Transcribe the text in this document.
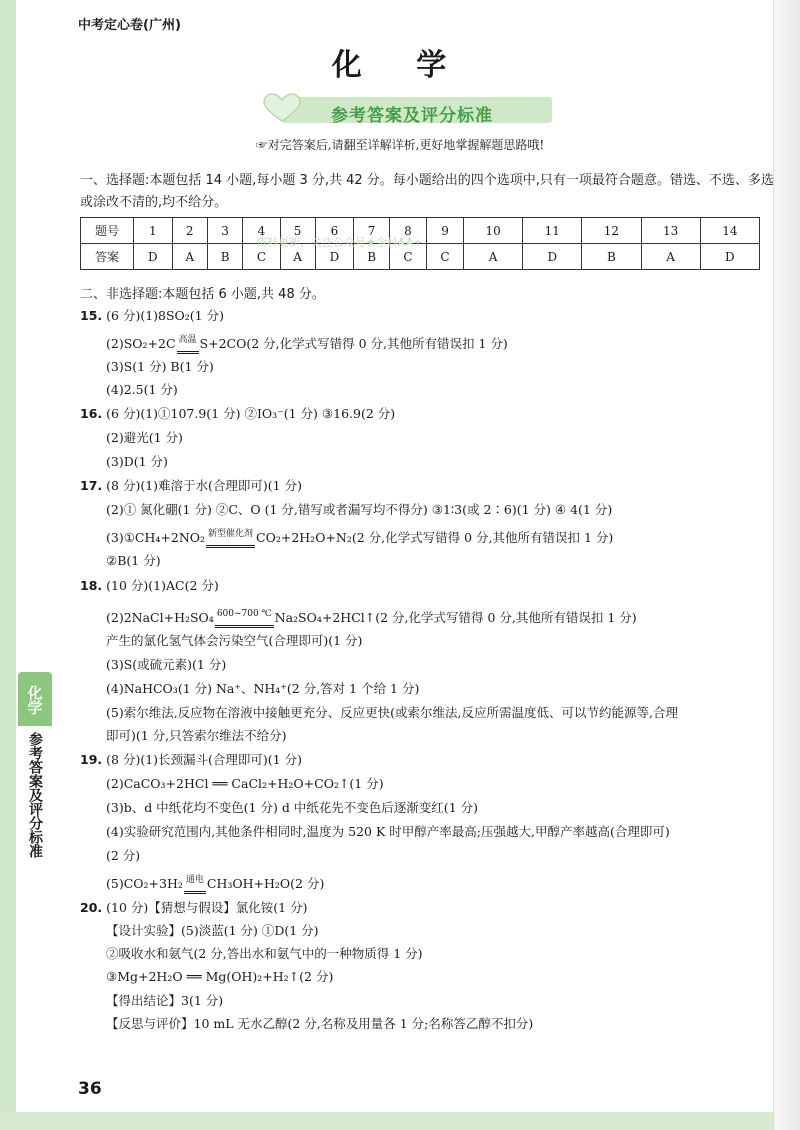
中考定心卷(广州)
化 学
参考答案及评分标准
☞对完答案后,请翻至详解详析,更好地掌握解题思路哦!
一、选择题:本题包括 14 小题,每小题 3 分,共 42 分。每小题给出的四个选项中,只有一项最符合题意。错选、不选、多选或涂改不清的,均不给分。
题号	1	2	3	4	5	6	7	8	9	10	11	12	13	14
答案	D	A	B	C	A	D	B	C	C	A	D	B	A	D
资料更新、关注公众号★全科AA+
二、非选择题:本题包括 6 小题,共 48 分。
15. (6 分)(1)8SO₂(1 分)
(2)SO₂+2C $^{高温}$ S+2CO(2 分,化学式写错得 0 分,其他所有错误扣 1 分)
(3)S(1 分) B(1 分)
(4)2.5(1 分)
16. (6 分)(1)①107.9(1 分) ②IO₃⁻(1 分) ③16.9(2 分)
(2)避光(1 分)
(3)D(1 分)
17. (8 分)(1)难溶于水(合理即可)(1 分)
(2)① 氮化硼(1 分) ②C、O (1 分,错写或者漏写均不得分) ③1∶3(或 2∶6)(1 分) ④ 4(1 分)
(3)①CH₄+2NO₂ $^{新型催化剂}$ CO₂+2H₂O+N₂(2 分,化学式写错得 0 分,其他所有错误扣 1 分)
②B(1 分)
18. (10 分)(1)AC(2 分)
(2)2NaCl+H₂SO₄ $^{600\sim 700 ℃}$ Na₂SO₄+2HCl↑(2 分,化学式写错得 0 分,其他所有错误扣 1 分)
产生的氯化氢气体会污染空气(合理即可)(1 分)
(3)S(或硫元素)(1 分)
(4)NaHCO₃(1 分) Na⁺、NH₄⁺(2 分,答对 1 个给 1 分)
(5)索尔维法,反应物在溶液中接触更充分、反应更快(或索尔维法,反应所需温度低、可以节约能源等,合理
即可)(1 分,只答索尔维法不给分)
19. (8 分)(1)长颈漏斗(合理即可)(1 分)
(2)CaCO₃+2HCl ══ CaCl₂+H₂O+CO₂↑(1 分)
(3)b、d 中纸花均不变色(1 分) d 中纸花先不变色后逐渐变红(1 分)
(4)实验研究范围内,其他条件相同时,温度为 520 K 时甲醇产率最高;压强越大,甲醇产率越高(合理即可)
(2 分)
(5)CO₂+3H₂ $^{通电}$ CH₃OH+H₂O(2 分)
20. (10 分)【猜想与假设】氯化铵(1 分)
【设计实验】(5)淡蓝(1 分) ①D(1 分)
②吸收水和氨气(2 分,答出水和氨气中的一种物质得 1 分)
③Mg+2H₂O ══ Mg(OH)₂+H₂↑(2 分)
【得出结论】3(1 分)
【反思与评价】10 mL 无水乙醇(2 分,名称及用量各 1 分;名称答乙醇不扣分)
化学
参考答案及评分标准
36
